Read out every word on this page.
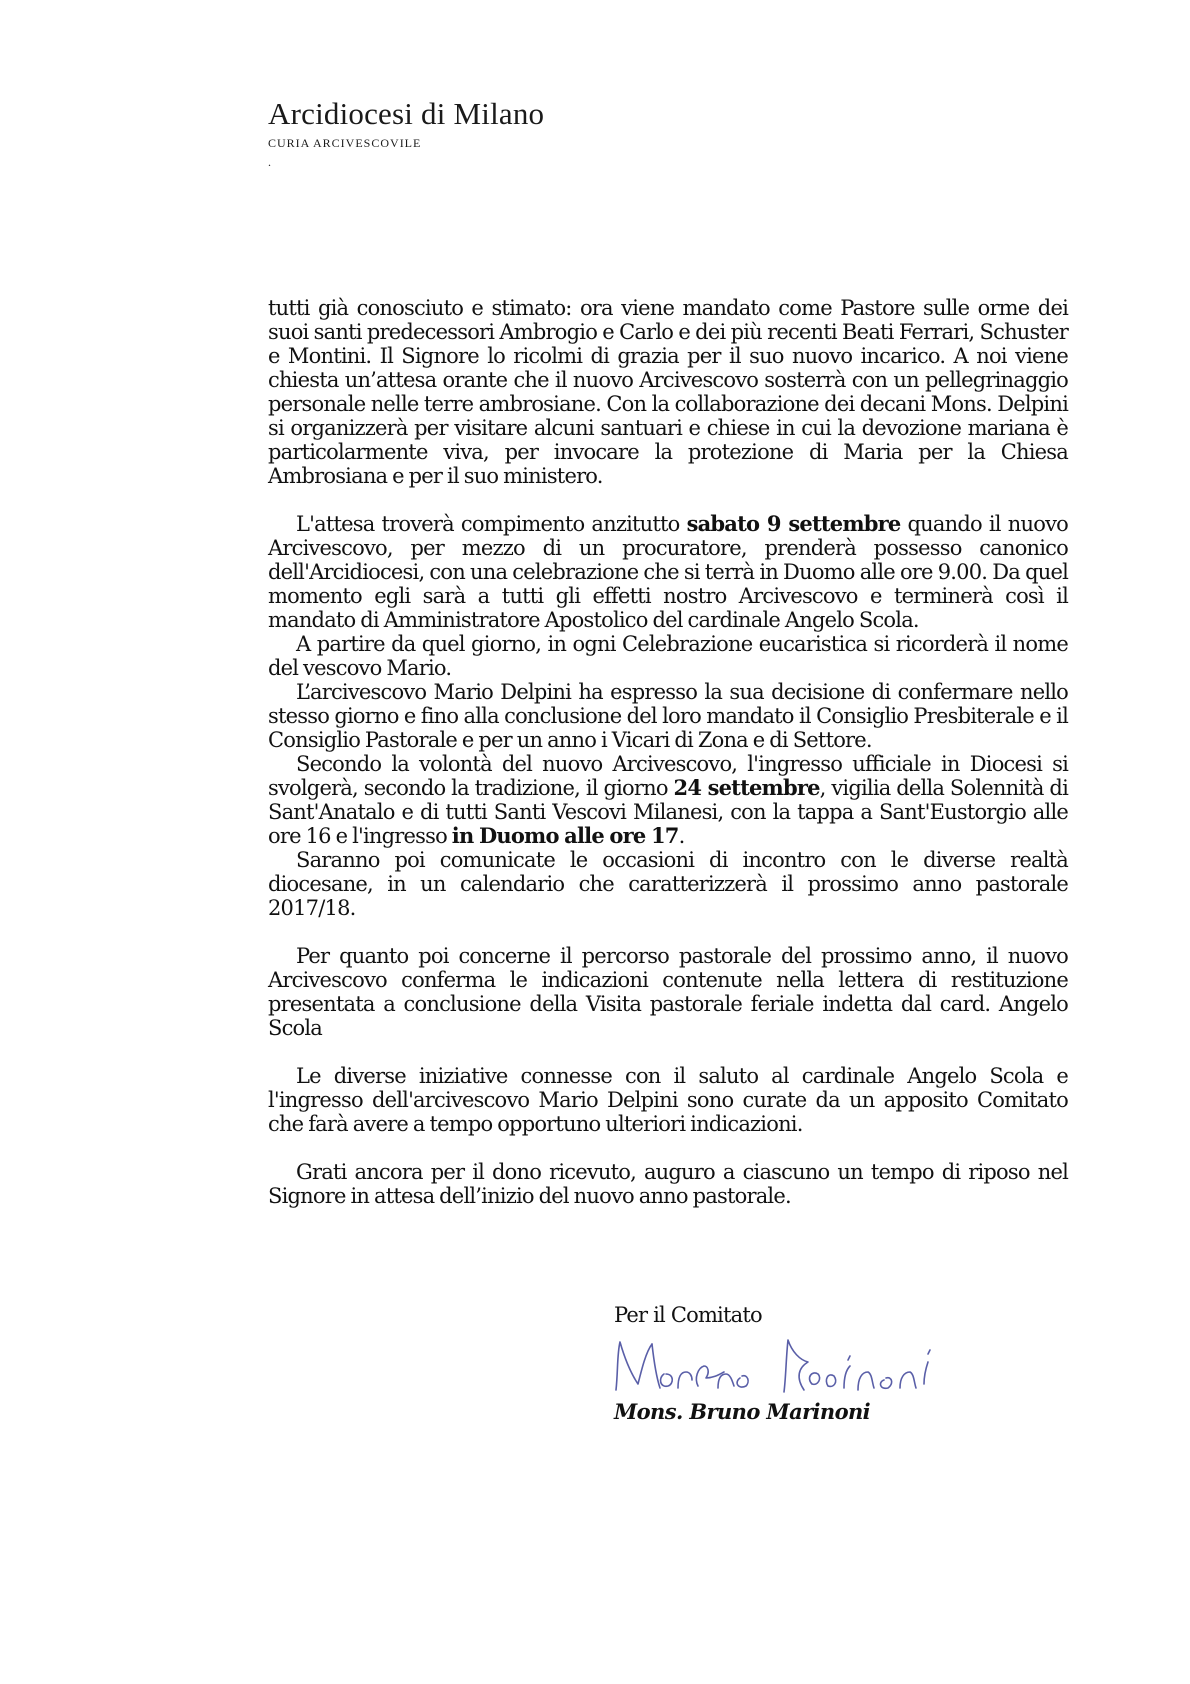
Arcidiocesi di Milano
CURIA ARCIVESCOVILE
.

tutti già conosciuto e stimato: ora viene mandato come Pastore sulle orme dei suoi santi predecessori Ambrogio e Carlo e dei più recenti Beati Ferrari, Schuster e Montini. Il Signore lo ricolmi di grazia per il suo nuovo incarico. A noi viene chiesta un’attesa orante che il nuovo Arcivescovo sosterrà con un pellegrinaggio personale nelle terre ambrosiane. Con la collaborazione dei decani Mons. Delpini si organizzerà per visitare alcuni santuari e chiese in cui la devozione mariana è particolarmente viva, per invocare la protezione di Maria per la Chiesa Ambrosiana e per il suo ministero.

L'attesa troverà compimento anzitutto sabato 9 settembre quando il nuovo Arcivescovo, per mezzo di un procuratore, prenderà possesso canonico dell'Arcidiocesi, con una celebrazione che si terrà in Duomo alle ore 9.00. Da quel momento egli sarà a tutti gli effetti nostro Arcivescovo e terminerà così il mandato di Amministratore Apostolico del cardinale Angelo Scola.

A partire da quel giorno, in ogni Celebrazione eucaristica si ricorderà il nome del vescovo Mario.

L’arcivescovo Mario Delpini ha espresso la sua decisione di confermare nello stesso giorno e fino alla conclusione del loro mandato il Consiglio Presbiterale e il Consiglio Pastorale e per un anno i Vicari di Zona e di Settore.

Secondo la volontà del nuovo Arcivescovo, l'ingresso ufficiale in Diocesi si svolgerà, secondo la tradizione, il giorno 24 settembre, vigilia della Solennità di Sant'Anatalo e di tutti Santi Vescovi Milanesi, con la tappa a Sant'Eustorgio alle ore 16 e l'ingresso in Duomo alle ore 17.

Saranno poi comunicate le occasioni di incontro con le diverse realtà diocesane, in un calendario che caratterizzerà il prossimo anno pastorale 2017/18.

Per quanto poi concerne il percorso pastorale del prossimo anno, il nuovo Arcivescovo conferma le indicazioni contenute nella lettera di restituzione presentata a conclusione della Visita pastorale feriale indetta dal card. Angelo Scola

Le diverse iniziative connesse con il saluto al cardinale Angelo Scola e l'ingresso dell'arcivescovo Mario Delpini sono curate da un apposito Comitato che farà avere a tempo opportuno ulteriori indicazioni.

Grati ancora per il dono ricevuto, auguro a ciascuno un tempo di riposo nel Signore in attesa dell’inizio del nuovo anno pastorale.

Per il Comitato
Mons. Bruno Marinoni
